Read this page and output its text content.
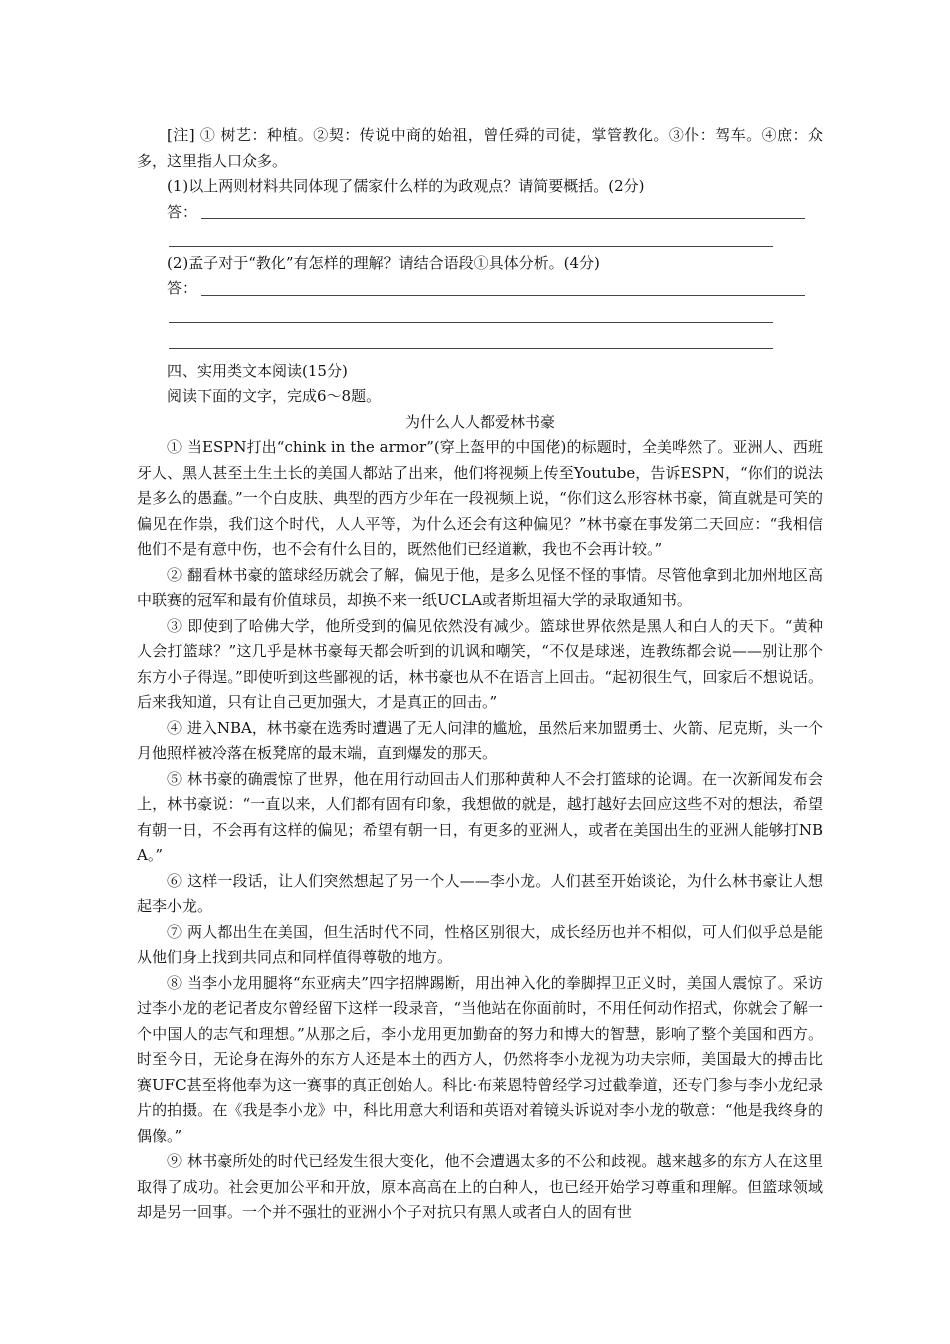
[注] ① 树艺：种植。②契：传说中商的始祖，曾任舜的司徒，掌管教化。③仆：驾车。④庶：众多，这里指人口众多。

(1)以上两则材料共同体现了儒家什么样的为政观点？请简要概括。(2分)

答：

(2)孟子对于“教化”有怎样的理解？请结合语段①具体分析。(4分)

答：

四、实用类文本阅读(15分)

阅读下面的文字，完成6～8题。

为什么人人都爱林书豪

① 当ESPN打出“chink in the armor”(穿上盔甲的中国佬)的标题时，全美哗然了。亚洲人、西班牙人、黑人甚至土生土长的美国人都站了出来，他们将视频上传至Youtube，告诉ESPN，“你们的说法是多么的愚蠢。”一个白皮肤、典型的西方少年在一段视频上说，“你们这么形容林书豪，简直就是可笑的偏见在作祟，我们这个时代，人人平等，为什么还会有这种偏见？”林书豪在事发第二天回应：“我相信他们不是有意中伤，也不会有什么目的，既然他们已经道歉，我也不会再计较。”

② 翻看林书豪的篮球经历就会了解，偏见于他，是多么见怪不怪的事情。尽管他拿到北加州地区高中联赛的冠军和最有价值球员，却换不来一纸UCLA或者斯坦福大学的录取通知书。

③ 即使到了哈佛大学，他所受到的偏见依然没有减少。篮球世界依然是黑人和白人的天下。“黄种人会打篮球？”这几乎是林书豪每天都会听到的讥讽和嘲笑，“不仅是球迷，连教练都会说——别让那个东方小子得逞。”即使听到这些鄙视的话，林书豪也从不在语言上回击。“起初很生气，回家后不想说话。后来我知道，只有让自己更加强大，才是真正的回击。”

④ 进入NBA，林书豪在选秀时遭遇了无人问津的尴尬，虽然后来加盟勇士、火箭、尼克斯，头一个月他照样被冷落在板凳席的最末端，直到爆发的那天。

⑤ 林书豪的确震惊了世界，他在用行动回击人们那种黄种人不会打篮球的论调。在一次新闻发布会上，林书豪说：“一直以来，人们都有固有印象，我想做的就是，越打越好去回应这些不对的想法，希望有朝一日，不会再有这样的偏见；希望有朝一日，有更多的亚洲人，或者在美国出生的亚洲人能够打NBA。”

⑥ 这样一段话，让人们突然想起了另一个人——李小龙。人们甚至开始谈论，为什么林书豪让人想起李小龙。

⑦ 两人都出生在美国，但生活时代不同，性格区别很大，成长经历也并不相似，可人们似乎总是能从他们身上找到共同点和同样值得尊敬的地方。

⑧ 当李小龙用腿将“东亚病夫”四字招牌踢断，用出神入化的拳脚捍卫正义时，美国人震惊了。采访过李小龙的老记者皮尔曾经留下这样一段录音，“当他站在你面前时，不用任何动作招式，你就会了解一个中国人的志气和理想。”从那之后，李小龙用更加勤奋的努力和博大的智慧，影响了整个美国和西方。时至今日，无论身在海外的东方人还是本土的西方人，仍然将李小龙视为功夫宗师，美国最大的搏击比赛UFC甚至将他奉为这一赛事的真正创始人。科比·布莱恩特曾经学习过截拳道，还专门参与李小龙纪录片的拍摄。在《我是李小龙》中，科比用意大利语和英语对着镜头诉说对李小龙的敬意：“他是我终身的偶像。”

⑨ 林书豪所处的时代已经发生很大变化，他不会遭遇太多的不公和歧视。越来越多的东方人在这里取得了成功。社会更加公平和开放，原本高高在上的白种人，也已经开始学习尊重和理解。但篮球领域却是另一回事。一个并不强壮的亚洲小个子对抗只有黑人或者白人的固有世
